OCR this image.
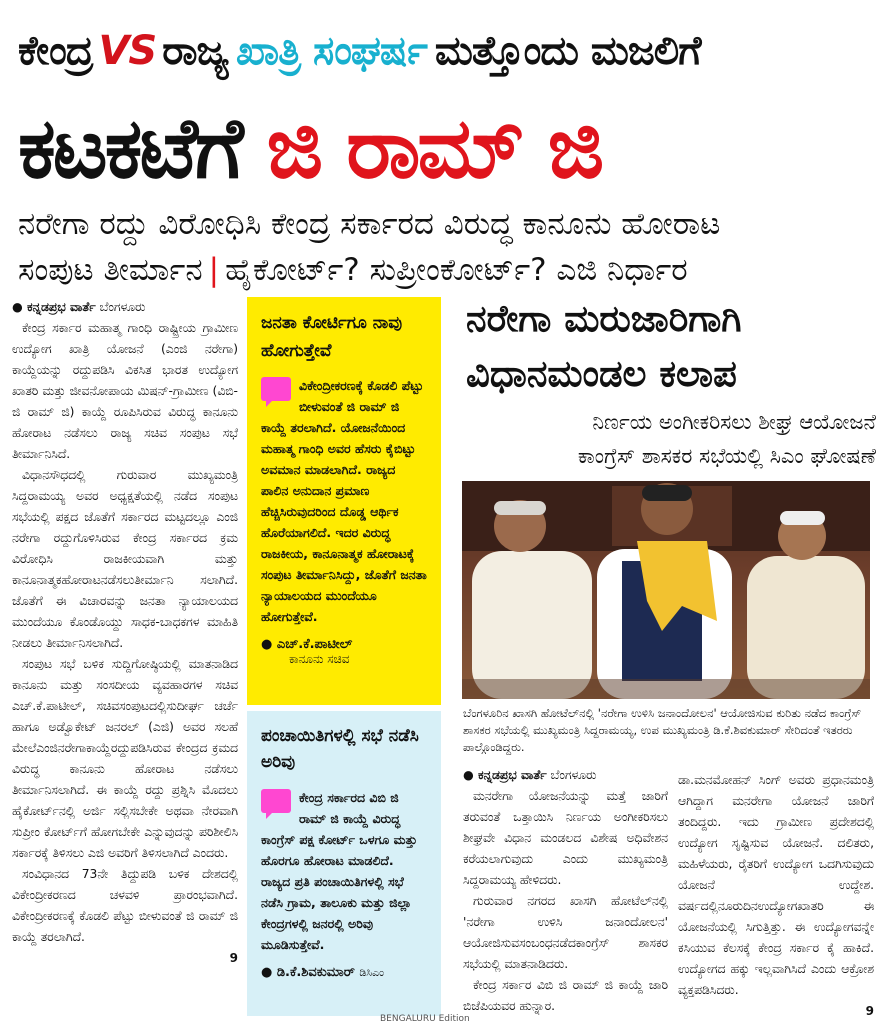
ಕೇಂದ್ರ VS ರಾಜ್ಯ ಖಾತ್ರಿ ಸಂಘರ್ಷ ಮತ್ತೊಂದು ಮಜಲಿಗೆ
ಕಟಕಟೆಗೆ ಜಿ ರಾಮ್ ಜಿ
ನರೇಗಾ ರದ್ದು ವಿರೋಧಿಸಿ ಕೇಂದ್ರ ಸರ್ಕಾರದ ವಿರುದ್ಧ ಕಾನೂನು ಹೋರಾಟ
ಸಂಪುಟ ತೀರ್ಮಾನ | ಹೈಕೋರ್ಟ್? ಸುಪ್ರೀಂಕೋರ್ಟ್? ಎಜಿ ನಿರ್ಧಾರ
● ಕನ್ನಡಪ್ರಭ ವಾರ್ತೆ ಬೆಂಗಳೂರು

ಕೇಂದ್ರ ಸರ್ಕಾರ ಮಹಾತ್ಮ ಗಾಂಧಿ ರಾಷ್ಟ್ರೀಯ ಗ್ರಾಮೀಣ ಉದ್ಯೋಗ ಖಾತ್ರಿ ಯೋಜನೆ (ಎಂಜಿ ನರೇಗಾ) ಕಾಯ್ದೆಯನ್ನು ರದ್ದುಪಡಿಸಿ ವಿಕಸಿತ ಭಾರತ ಉದ್ಯೋಗ ಖಾತರಿ ಮತ್ತು ಜೀವನೋಪಾಯ ಮಿಷನ್-ಗ್ರಾಮೀಣ (ವಿಬಿ-ಜಿ ರಾಮ್ ಜಿ) ಕಾಯ್ದೆ ರೂಪಿಸಿರುವ ವಿರುದ್ಧ ಕಾನೂನು ಹೋರಾಟ ನಡೆಸಲು ರಾಜ್ಯ ಸಚಿವ ಸಂಪುಟ ಸಭೆ ತೀರ್ಮಾನಿಸಿದೆ.

ವಿಧಾನಸೌಧದಲ್ಲಿ ಗುರುವಾರ ಮುಖ್ಯಮಂತ್ರಿ ಸಿದ್ದರಾಮಯ್ಯ ಅವರ ಅಧ್ಯಕ್ಷತೆಯಲ್ಲಿ ನಡೆದ ಸಂಪುಟ ಸಭೆಯಲ್ಲಿ ಪಕ್ಷದ ಜೊತೆಗೆ ಸರ್ಕಾರದ ಮಟ್ಟದಲ್ಲೂ ಎಂಜಿ ನರೇಗಾ ರದ್ದುಗೊಳಿಸಿರುವ ಕೇಂದ್ರ ಸರ್ಕಾರದ ಕ್ರಮ ವಿರೋಧಿಸಿ ರಾಜಕೀಯವಾಗಿ ಮತ್ತು ಕಾನೂನಾತ್ಮಕಹೋರಾಟನಡೆಸಲುತೀರ್ಮಾನಿ ಸಲಾಗಿದೆ. ಜೊತೆಗೆ ಈ ವಿಚಾರವನ್ನು ಜನತಾ ನ್ಯಾಯಾಲಯದ ಮುಂದೆಯೂ ಕೊಂಡೊಯ್ದು ಸಾಧಕ-ಬಾಧಕಗಳ ಮಾಹಿತಿ ನೀಡಲು ತೀರ್ಮಾನಿಸಲಾಗಿದೆ.

ಸಂಪುಟ ಸಭೆ ಬಳಿಕ ಸುದ್ದಿಗೋಷ್ಠಿಯಲ್ಲಿ ಮಾತನಾಡಿದ ಕಾನೂನು ಮತ್ತು ಸಂಸದೀಯ ವ್ಯವಹಾರಗಳ ಸಚಿವ ಎಚ್.ಕೆ.ಪಾಟೀಲ್, ಸಚಿವಸಂಪುಟದಲ್ಲಿಸುದೀರ್ಘ ಚರ್ಚೆ ಹಾಗೂ ಅಡ್ವೊಕೇಟ್ ಜನರಲ್ (ಎಜಿ) ಅವರ ಸಲಹೆ ಮೇಲೆಎಂಜಿನರೇಗಾಕಾಯ್ದೆರದ್ದುಪಡಿಸಿರುವ ಕೇಂದ್ರದ ಕ್ರಮದ ವಿರುದ್ಧ ಕಾನೂನು ಹೋರಾಟ ನಡೆಸಲು ತೀರ್ಮಾನಿಸಲಾಗಿದೆ. ಈ ಕಾಯ್ದೆ ರದ್ದು ಪ್ರಶ್ನಿಸಿ ಮೊದಲು ಹೈಕೋರ್ಟ್‌ನಲ್ಲಿ ಅರ್ಜಿ ಸಲ್ಲಿಸಬೇಕೇ ಅಥವಾ ನೇರವಾಗಿ ಸುಪ್ರೀಂ ಕೋರ್ಟ್‌ಗೆ ಹೋಗಬೇಕೇ ಎನ್ನುವುದನ್ನು ಪರಿಶೀಲಿಸಿ ಸರ್ಕಾರಕ್ಕೆ ತಿಳಿಸಲು ಎಜಿ ಅವರಿಗೆ ತಿಳಿಸಲಾಗಿದೆ ಎಂದರು.

ಸಂವಿಧಾನದ 73ನೇ ತಿದ್ದುಪಡಿ ಬಳಿಕ ದೇಶದಲ್ಲಿ ವಿಕೇಂದ್ರೀಕರಣದ ಚಳವಳಿ ಪ್ರಾರಂಭವಾಗಿದೆ. ವಿಕೇಂದ್ರೀಕರಣಕ್ಕೆ ಕೊಡಲಿ ಪೆಟ್ಟು ಬೀಳುವಂತೆ ಜಿ ರಾಮ್ ಜಿ ಕಾಯ್ದೆ ತರಲಾಗಿದೆ.

9
ಜನತಾ ಕೋರ್ಟಿಗೂ ನಾವು ಹೋಗುತ್ತೇವೆ
ವಿಕೇಂದ್ರೀಕರಣಕ್ಕೆ ಕೊಡಲಿ ಪೆಟ್ಟು ಬೀಳುವಂತೆ ಜಿ ರಾಮ್ ಜಿ ಕಾಯ್ದೆ ತರಲಾಗಿದೆ. ಯೋಜನೆಯಿಂದ ಮಹಾತ್ಮ ಗಾಂಧಿ ಅವರ ಹೆಸರು ಕೈಬಿಟ್ಟು ಅವಮಾನ ಮಾಡಲಾಗಿದೆ. ರಾಜ್ಯದ ಪಾಲಿನ ಅನುದಾನ ಪ್ರಮಾಣ ಹೆಚ್ಚಿಸಿರುವುದರಿಂದ ದೊಡ್ಡ ಆರ್ಥಿಕ ಹೊರೆಯಾಗಲಿದೆ. ಇದರ ವಿರುದ್ಧ ರಾಜಕೀಯ, ಕಾನೂನಾತ್ಮಕ ಹೋರಾಟಕ್ಕೆ ಸಂಪುಟ ತೀರ್ಮಾನಿಸಿದ್ದು, ಜೊತೆಗೆ ಜನತಾ ನ್ಯಾಯಾಲಯದ ಮುಂದೆಯೂ ಹೋಗುತ್ತೇವೆ.
● ಎಚ್.ಕೆ.ಪಾಟೀಲ್
ಕಾನೂನು ಸಚಿವ
ಪಂಚಾಯಿತಿಗಳಲ್ಲಿ ಸಭೆ ನಡೆಸಿ ಅರಿವು
ಕೇಂದ್ರ ಸರ್ಕಾರದ ವಿಬಿ ಜಿ ರಾಮ್ ಜಿ ಕಾಯ್ದೆ ವಿರುದ್ಧ ಕಾಂಗ್ರೆಸ್ ಪಕ್ಷ ಕೋರ್ಟ್ ಒಳಗೂ ಮತ್ತು ಹೊರಗೂ ಹೋರಾಟ ಮಾಡಲಿದೆ. ರಾಜ್ಯದ ಪ್ರತಿ ಪಂಚಾಯಿತಿಗಳಲ್ಲಿ ಸಭೆ ನಡೆಸಿ ಗ್ರಾಮ, ತಾಲೂಕು ಮತ್ತು ಜಿಲ್ಲಾ ಕೇಂದ್ರಗಳಲ್ಲಿ ಜನರಲ್ಲಿ ಅರಿವು ಮೂಡಿಸುತ್ತೇವೆ.
● ಡಿ.ಕೆ.ಶಿವಕುಮಾರ್ ಡಿಸಿಎಂ
ನರೇಗಾ ಮರುಜಾರಿಗಾಗಿ
ವಿಧಾನಮಂಡಲ ಕಲಾಪ
ನಿರ್ಣಯ ಅಂಗೀಕರಿಸಲು ಶೀಘ್ರ ಆಯೋಜನೆ
ಕಾಂಗ್ರೆಸ್ ಶಾಸಕರ ಸಭೆಯಲ್ಲಿ ಸಿಎಂ ಘೋಷಣೆ
ಬೆಂಗಳೂರಿನ ಖಾಸಗಿ ಹೋಟೆಲ್‌ನಲ್ಲಿ 'ನರೇಗಾ ಉಳಿಸಿ ಜನಾಂದೋಲನ' ಆಯೋಜಿಸುವ ಕುರಿತು ನಡೆದ ಕಾಂಗ್ರೆಸ್ ಶಾಸಕರ ಸಭೆಯಲ್ಲಿ ಮುಖ್ಯಮಂತ್ರಿ ಸಿದ್ದರಾಮಯ್ಯ, ಉಪ ಮುಖ್ಯಮಂತ್ರಿ ಡಿ.ಕೆ.ಶಿವಕುಮಾರ್ ಸೇರಿದಂತೆ ಇತರರು ಪಾಲ್ಗೊಂಡಿದ್ದರು.
● ಕನ್ನಡಪ್ರಭ ವಾರ್ತೆ ಬೆಂಗಳೂರು

ಮನರೇಗಾ ಯೋಜನೆಯನ್ನು ಮತ್ತೆ ಜಾರಿಗೆ ತರುವಂತೆ ಒತ್ತಾಯಿಸಿ ನಿರ್ಣಯ ಅಂಗೀಕರಿಸಲು ಶೀಘ್ರವೇ ವಿಧಾನ ಮಂಡಲದ ವಿಶೇಷ ಅಧಿವೇಶನ ಕರೆಯಲಾಗುವುದು ಎಂದು ಮುಖ್ಯಮಂತ್ರಿ ಸಿದ್ದರಾಮಯ್ಯ ಹೇಳಿದರು.

ಗುರುವಾರ ನಗರದ ಖಾಸಗಿ ಹೋಟೆಲ್‌ನಲ್ಲಿ 'ನರೇಗಾ ಉಳಿಸಿ ಜನಾಂದೋಲನ' ಆಯೋಜಿಸುವಸಂಬಂಧನಡೆದಕಾಂಗ್ರೆಸ್ ಶಾಸಕರ ಸಭೆಯಲ್ಲಿ ಮಾತನಾಡಿದರು.

ಕೇಂದ್ರ ಸರ್ಕಾರ ವಿಬಿ ಜಿ ರಾಮ್ ಜಿ ಕಾಯ್ದೆ ಜಾರಿ ಬಿಜೆಪಿಯವರ ಹುನ್ನಾರ.

ಡಾ.ಮನಮೋಹನ್ ಸಿಂಗ್ ಅವರು ಪ್ರಧಾನಮಂತ್ರಿ ಆಗಿದ್ದಾಗ ಮನರೇಗಾ ಯೋಜನೆ ಜಾರಿಗೆ ತಂದಿದ್ದರು. ಇದು ಗ್ರಾಮೀಣ ಪ್ರದೇಶದಲ್ಲಿ ಉದ್ಯೋಗ ಸೃಷ್ಟಿಸುವ ಯೋಜನೆ. ದಲಿತರು, ಮಹಿಳೆಯರು, ರೈತರಿಗೆ ಉದ್ಯೋಗ ಒದಗಿಸುವುದು ಯೋಜನೆ ಉದ್ದೇಶ. ವರ್ಷದಲ್ಲಿನೂರುದಿನಉದ್ಯೋಗಖಾತರಿ ಈ ಯೋಜನೆಯಲ್ಲಿ ಸಿಗುತ್ತಿತ್ತು. ಈ ಉದ್ಯೋಗವನ್ನೇ ಕಸಿಯುವ ಕೆಲಸಕ್ಕೆ ಕೇಂದ್ರ ಸರ್ಕಾರ ಕೈ ಹಾಕಿದೆ. ಉದ್ಯೋಗದ ಹಕ್ಕು ಇಲ್ಲವಾಗಿಸಿದೆ ಎಂದು ಆಕ್ರೋಶ ವ್ಯಕ್ತಪಡಿಸಿದರು.

9
BENGALURU Edition
